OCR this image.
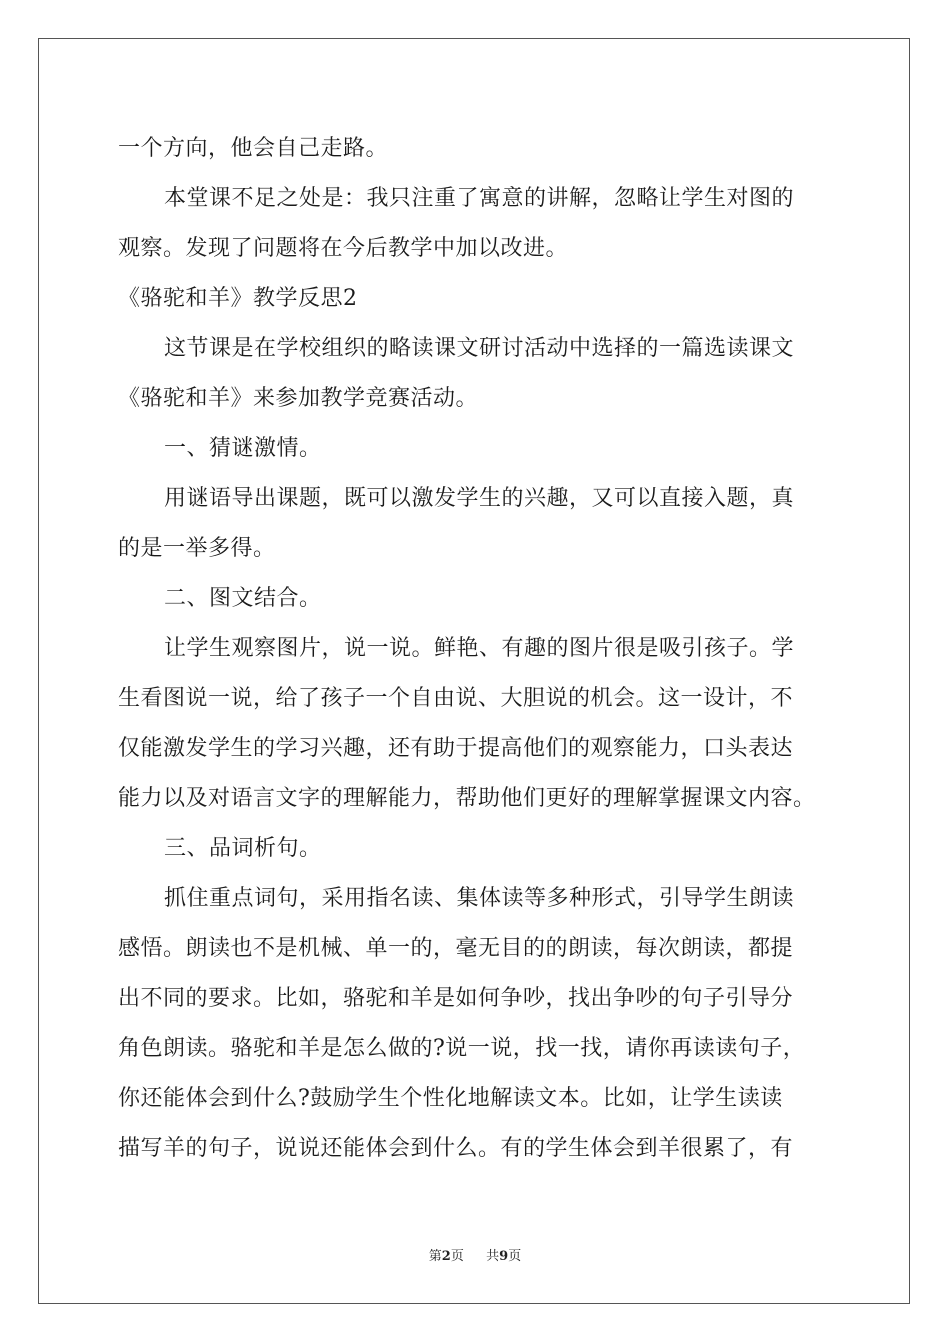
一个方向，他会自己走路。
本堂课不足之处是：我只注重了寓意的讲解，忽略让学生对图的
观察。发现了问题将在今后教学中加以改进。
《骆驼和羊》教学反思2
这节课是在学校组织的略读课文研讨活动中选择的一篇选读课文
《骆驼和羊》来参加教学竞赛活动。
一、猜谜激情。
用谜语导出课题，既可以激发学生的兴趣，又可以直接入题，真
的是一举多得。
二、图文结合。
让学生观察图片，说一说。鲜艳、有趣的图片很是吸引孩子。学
生看图说一说，给了孩子一个自由说、大胆说的机会。这一设计，不
仅能激发学生的学习兴趣，还有助于提高他们的观察能力，口头表达
能力以及对语言文字的理解能力，帮助他们更好的理解掌握课文内容。
三、品词析句。
抓住重点词句，采用指名读、集体读等多种形式，引导学生朗读
感悟。朗读也不是机械、单一的，毫无目的的朗读，每次朗读，都提
出不同的要求。比如，骆驼和羊是如何争吵，找出争吵的句子引导分
角色朗读。骆驼和羊是怎么做的?说一说，找一找，请你再读读句子，
你还能体会到什么?鼓励学生个性化地解读文本。比如，让学生读读
描写羊的句子，说说还能体会到什么。有的学生体会到羊很累了，有
第2页 共9页
